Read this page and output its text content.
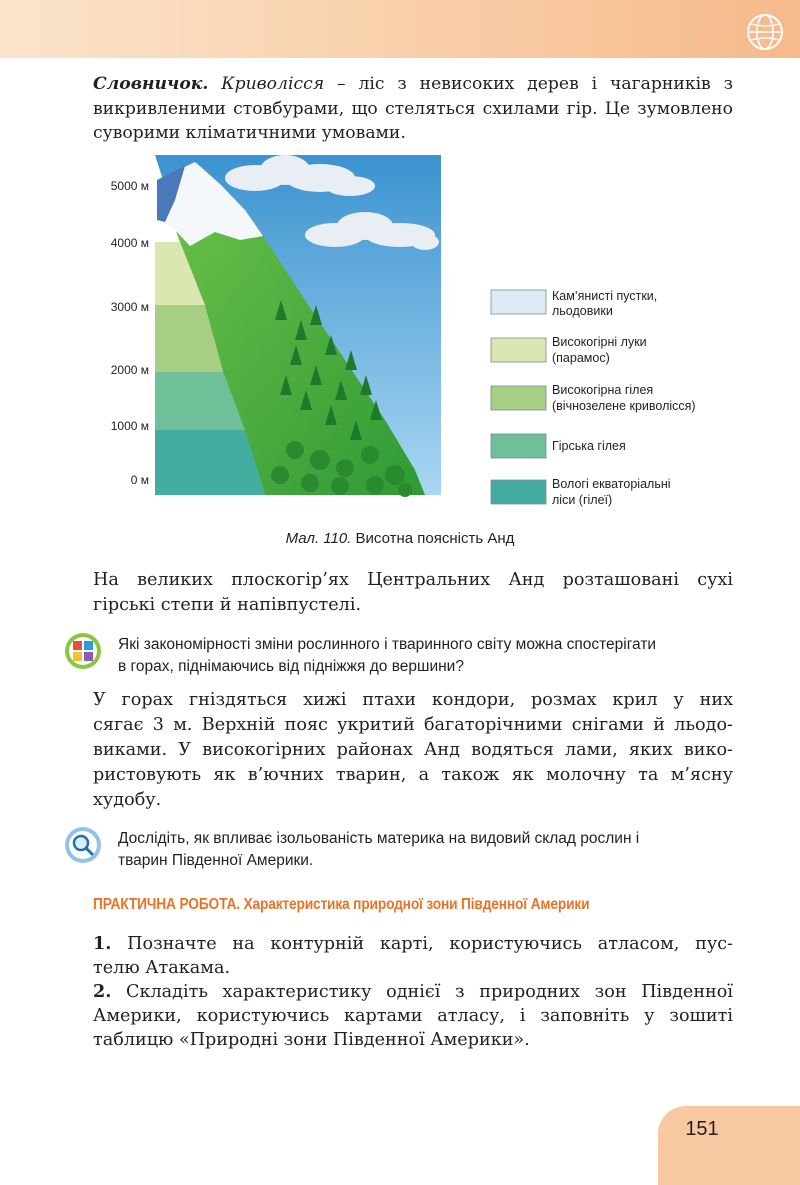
Словничок. Криволісся – ліс з невисоких дерев і чагарників з
викривленими стовбурами, що стеляться схилами гір. Це зумовлено
суворими кліматичними умовами.
5000 м
4000 м
3000 м
2000 м
1000 м
0 м
Кам’янисті пустки,
льодовики
Високогірні луки
(парамос)
Високогірна гілея
(вічнозелене криволісся)
Гірська гілея
Вологі екваторіальні
ліси (гілеї)
Мал. 110. Висотна поясність Анд
На великих плоскогір’ях Центральних Анд розташовані сухі
гірські степи й напівпустелі.
Які закономірності зміни рослинного і тваринного світу можна спостерігати
в горах, піднімаючись від підніжжя до вершини?
У горах гніздяться хижі птахи кондори, розмах крил у них
сягає 3 м. Верхній пояс укритий багаторічними снігами й льодо-
виками. У високогірних районах Анд водяться лами, яких вико-
ристовують як в’ючних тварин, а також як молочну та м’ясну
худобу.
Дослідіть, як впливає ізольованість материка на видовий склад рослин і
тварин Південної Америки.
ПРАКТИЧНА РОБОТА. Характеристика природної зони Південної Америки
1. Позначте на контурній карті, користуючись атласом, пус-
телю Атакама.
2. Складіть характеристику однієї з природних зон Південної
Америки, користуючись картами атласу, і заповніть у зошиті
таблицю «Природні зони Південної Америки».
151
